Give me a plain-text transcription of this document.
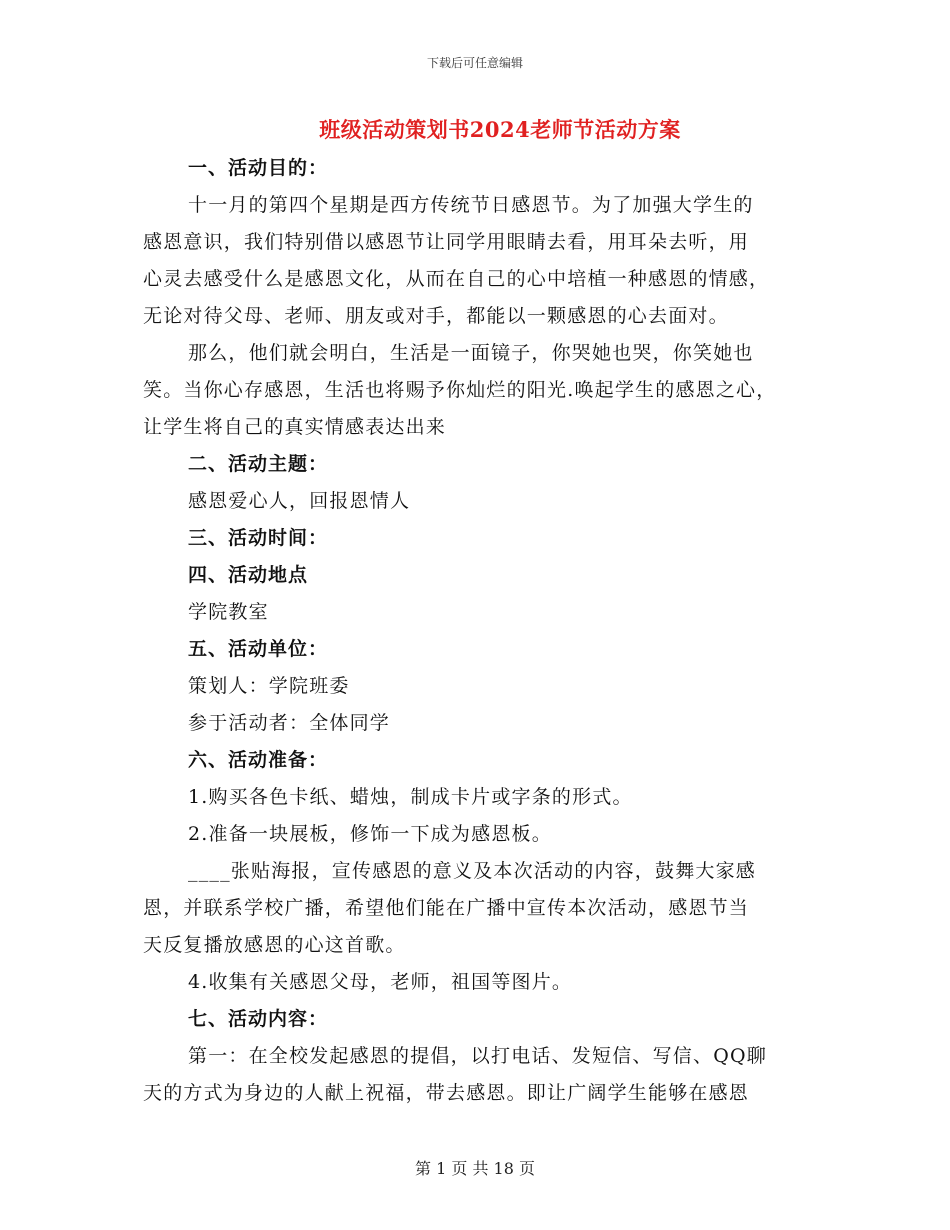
下载后可任意编辑
班级活动策划书2024老师节活动方案
一、活动目的：
十一月的第四个星期是西方传统节日感恩节。为了加强大学生的
感恩意识，我们特别借以感恩节让同学用眼睛去看，用耳朵去听，用
心灵去感受什么是感恩文化，从而在自己的心中培植一种感恩的情感，
无论对待父母、老师、朋友或对手，都能以一颗感恩的心去面对。
那么，他们就会明白，生活是一面镜子，你哭她也哭，你笑她也
笑。当你心存感恩，生活也将赐予你灿烂的阳光.唤起学生的感恩之心，
让学生将自己的真实情感表达出来
二、活动主题：
感恩爱心人，回报恩情人
三、活动时间：
四、活动地点
学院教室
五、活动单位：
策划人：学院班委
参于活动者：全体同学
六、活动准备：
1.购买各色卡纸、蜡烛，制成卡片或字条的形式。
2.准备一块展板，修饰一下成为感恩板。
____张贴海报，宣传感恩的意义及本次活动的内容，鼓舞大家感
恩，并联系学校广播，希望他们能在广播中宣传本次活动，感恩节当
天反复播放感恩的心这首歌。
4.收集有关感恩父母，老师，祖国等图片。
七、活动内容：
第一：在全校发起感恩的提倡，以打电话、发短信、写信、QQ聊
天的方式为身边的人献上祝福，带去感恩。即让广阔学生能够在感恩
第 1 页 共 18 页
